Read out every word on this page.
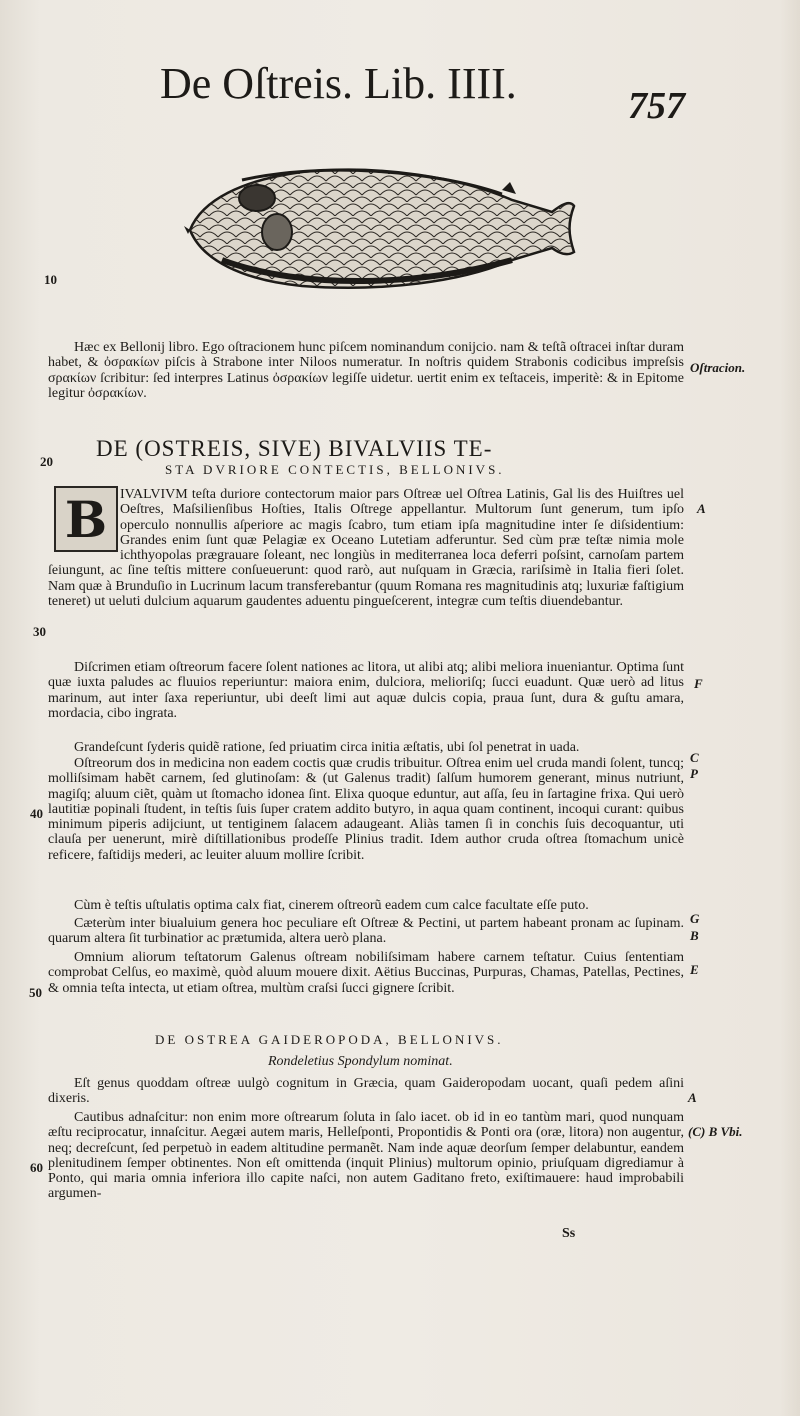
De Oſtreis. Lib. IIII.	757
10
20
30
40
50
60
Oſtracion.
A
F
C
P
G
B
E
A
(C) B Vbi.
Hæc ex Bellonij libro. Ego oſtracionem hunc piſcem nominandum conijcio. nam & teſtã oſtracei inſtar duram habet, & ὀσρακίων piſcis à Strabone inter Niloos numeratur. In noſtris quidem Strabonis codicibus impreſsis σρακίων ſcribitur: ſed interpres Latinus ὀσρακίων legiſſe uidetur. uertit enim ex teſtaceis, imperitè: & in Epitome legitur ὀσρακίων.
DE (OSTREIS, SIVE) BIVALVIIS TE-
STA DVRIORE CONTECTIS, BELLONIVS.
B IVALVIVM teſta duriore contectorum maior pars Oſtreæ uel Oſtrea Latinis, Gal lis des Huiſtres uel Oeſtres, Maſsilienſibus Hoſties, Italis Oſtrege appellantur. Multorum ſunt generum, tum ipſo operculo nonnullis aſperiore ac magis ſcabro, tum etiam ipſa magnitudine inter ſe diſsidentium: Grandes enim ſunt quæ Pelagiæ ex Oceano Lutetiam adferuntur. Sed cùm præ teſtæ nimia mole ichthyopolas prægrauare ſoleant, nec longiùs in mediterranea loca deferri poſsint, carnoſam partem ſeiungunt, ac ſine teſtis mittere conſueuerunt: quod rarò, aut nuſquam in Græcia, rariſsimè in Italia fieri ſolet. Nam quæ à Brunduſio in Lucrinum lacum transferebantur (quum Romana res magnitudinis atq; luxuriæ faſtigium teneret) ut ueluti dulcium aquarum gaudentes aduentu pingueſcerent, integræ cum teſtis diuendebantur.
Diſcrimen etiam oſtreorum facere ſolent nationes ac litora, ut alibi atq; alibi meliora inueniantur. Optima ſunt quæ iuxta paludes ac fluuios reperiuntur: maiora enim, dulciora, melioriſq; ſucci euadunt. Quæ uerò ad litus marinum, aut inter ſaxa reperiuntur, ubi deeſt limi aut aquæ dulcis copia, praua ſunt, dura & guſtu amara, mordacia, cibo ingrata.
Grandeſcunt ſyderis quidẽ ratione, ſed priuatim circa initia æſtatis, ubi ſol penetrat in uada.
Oſtreorum dos in medicina non eadem coctis quæ crudis tribuitur. Oſtrea enim uel cruda mandi ſolent, tuncq; molliſsimam habẽt carnem, ſed glutinoſam: & (ut Galenus tradit) ſalſum humorem generant, minus nutriunt, magiſq; aluum ciẽt, quàm ut ſtomacho idonea ſint. Elixa quoque eduntur, aut aſſa, ſeu in ſartagine frixa. Qui uerò lautitiæ popinali ſtudent, in teſtis ſuis ſuper cratem addito butyro, in aqua quam continent, incoqui curant: quibus minimum piperis adijciunt, ut tentiginem ſalacem adaugeant. Aliàs tamen ſi in conchis ſuis decoquantur, uti clauſa per uenerunt, mirè diſtillationibus prodeſſe Plinius tradit. Idem author cruda oſtrea ſtomachum unicè reficere, faſtidijs mederi, ac leuiter aluum mollire ſcribit.
Cùm è teſtis uſtulatis optima calx fiat, cinerem oſtreorũ eadem cum calce facultate eſſe puto.
Cæterùm inter biualuium genera hoc peculiare eſt Oſtreæ & Pectini, ut partem habeant pronam ac ſupinam. quarum altera ſit turbinatior ac prætumida, altera uerò plana.
Omnium aliorum teſtatorum Galenus oſtream nobiliſsimam habere carnem teſtatur. Cuius ſententiam comprobat Celſus, eo maximè, quòd aluum mouere dixit. Aëtius Buccinas, Purpuras, Chamas, Patellas, Pectines, & omnia teſta intecta, ut etiam oſtrea, multùm craſsi ſucci gignere ſcribit.
DE OSTREA GAIDEROPODA, BELLONIVS.
Rondeletius Spondylum nominat.
Eſt genus quoddam oſtreæ uulgò cognitum in Græcia, quam Gaideropodam uocant, quaſi pedem aſini dixeris.
Cautibus adnaſcitur: non enim more oſtrearum ſoluta in ſalo iacet. ob id in eo tantùm mari, quod nunquam æſtu reciprocatur, innaſcitur. Aegæi autem maris, Helleſponti, Propontidis & Ponti ora (oræ, litora) non augentur, neq; decreſcunt, ſed perpetuò in eadem altitudine permanẽt. Nam inde aquæ deorſum ſemper delabuntur, eandem plenitudinem ſemper obtinentes. Non eſt omittenda (inquit Plinius) multorum opinio, priuſquam digrediamur à Ponto, qui maria omnia inferiora illo capite naſci, non autem Gaditano freto, exiſtimauere: haud improbabili argumen-
Ss
